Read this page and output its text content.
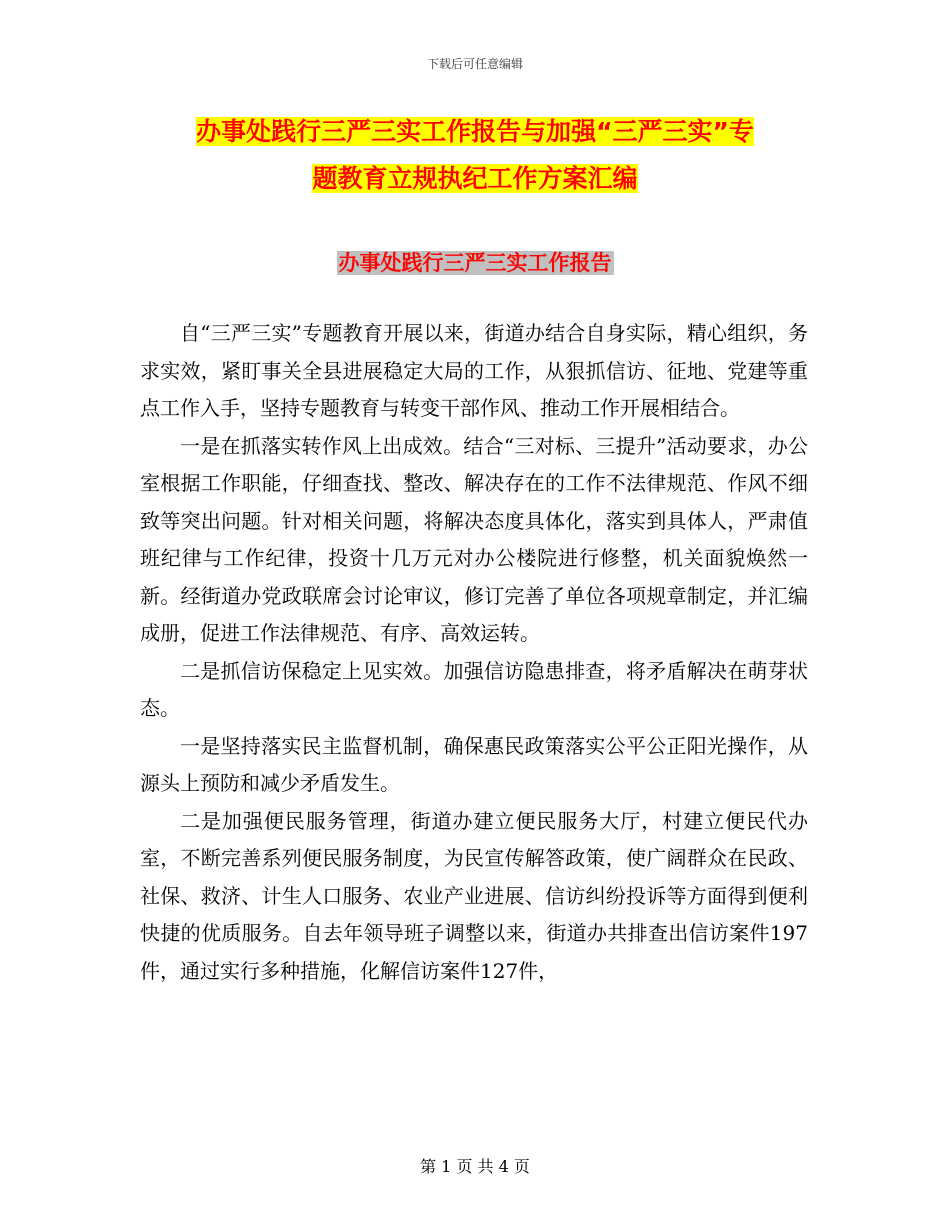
下载后可任意编辑
办事处践行三严三实工作报告与加强“三严三实”专
题教育立规执纪工作方案汇编
办事处践行三严三实工作报告

自“三严三实”专题教育开展以来，街道办结合自身实际，精心组织，务求实效，紧盯事关全县进展稳定大局的工作，从狠抓信访、征地、党建等重点工作入手，坚持专题教育与转变干部作风、推动工作开展相结合。

一是在抓落实转作风上出成效。结合“三对标、三提升”活动要求，办公室根据工作职能，仔细查找、整改、解决存在的工作不法律规范、作风不细致等突出问题。针对相关问题，将解决态度具体化，落实到具体人，严肃值班纪律与工作纪律，投资十几万元对办公楼院进行修整，机关面貌焕然一新。经街道办党政联席会讨论审议，修订完善了单位各项规章制定，并汇编成册，促进工作法律规范、有序、高效运转。

二是抓信访保稳定上见实效。加强信访隐患排查，将矛盾解决在萌芽状态。

一是坚持落实民主监督机制，确保惠民政策落实公平公正阳光操作，从源头上预防和减少矛盾发生。

二是加强便民服务管理，街道办建立便民服务大厅，村建立便民代办室，不断完善系列便民服务制度，为民宣传解答政策，使广阔群众在民政、社保、救济、计生人口服务、农业产业进展、信访纠纷投诉等方面得到便利快捷的优质服务。自去年领导班子调整以来，街道办共排查出信访案件197件，通过实行多种措施，化解信访案件127件，

第 1 页 共 4 页
